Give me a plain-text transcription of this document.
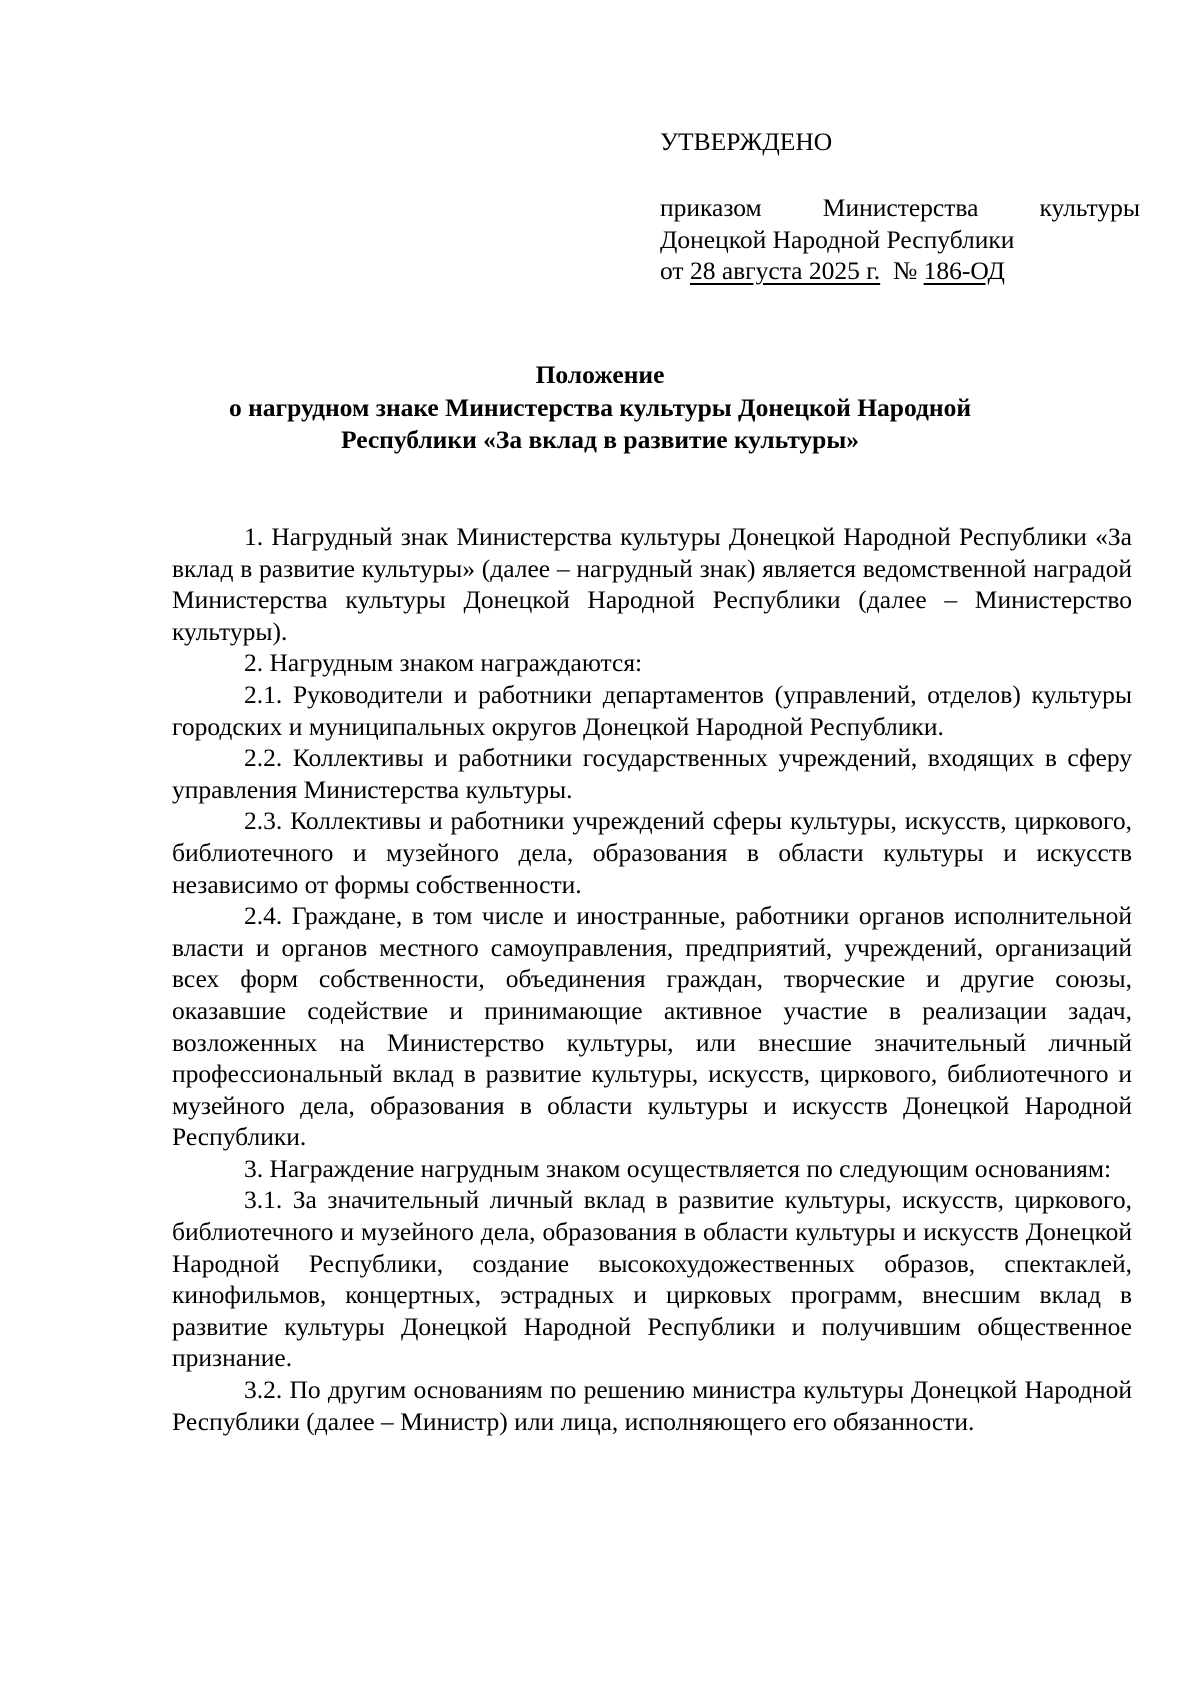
УТВЕРЖДЕНО
приказом Министерства культуры
Донецкой Народной Республики
от 28 августа 2025 г. № 186-ОД
Положение
о нагрудном знаке Министерства культуры Донецкой Народной
Республики «За вклад в развитие культуры»

1. Нагрудный знак Министерства культуры Донецкой Народной Республики «За вклад в развитие культуры» (далее – нагрудный знак) является ведомственной наградой Министерства культуры Донецкой Народной Республики (далее – Министерство культуры).

2. Нагрудным знаком награждаются:

2.1. Руководители и работники департаментов (управлений, отделов) культуры городских и муниципальных округов Донецкой Народной Республики.

2.2. Коллективы и работники государственных учреждений, входящих в сферу управления Министерства культуры.

2.3. Коллективы и работники учреждений сферы культуры, искусств, циркового, библиотечного и музейного дела, образования в области культуры и искусств независимо от формы собственности.

2.4. Граждане, в том числе и иностранные, работники органов исполнительной власти и органов местного самоуправления, предприятий, учреждений, организаций всех форм собственности, объединения граждан, творческие и другие союзы, оказавшие содействие и принимающие активное участие в реализации задач, возложенных на Министерство культуры, или внесшие значительный личный профессиональный вклад в развитие культуры, искусств, циркового, библиотечного и музейного дела, образования в области культуры и искусств Донецкой Народной Республики.

3. Награждение нагрудным знаком осуществляется по следующим основаниям:

3.1. За значительный личный вклад в развитие культуры, искусств, циркового, библиотечного и музейного дела, образования в области культуры и искусств Донецкой Народной Республики, создание высокохудожественных образов, спектаклей, кинофильмов, концертных, эстрадных и цирковых программ, внесшим вклад в развитие культуры Донецкой Народной Республики и получившим общественное признание.

3.2. По другим основаниям по решению министра культуры Донецкой Народной Республики (далее – Министр) или лица, исполняющего его обязанности.
